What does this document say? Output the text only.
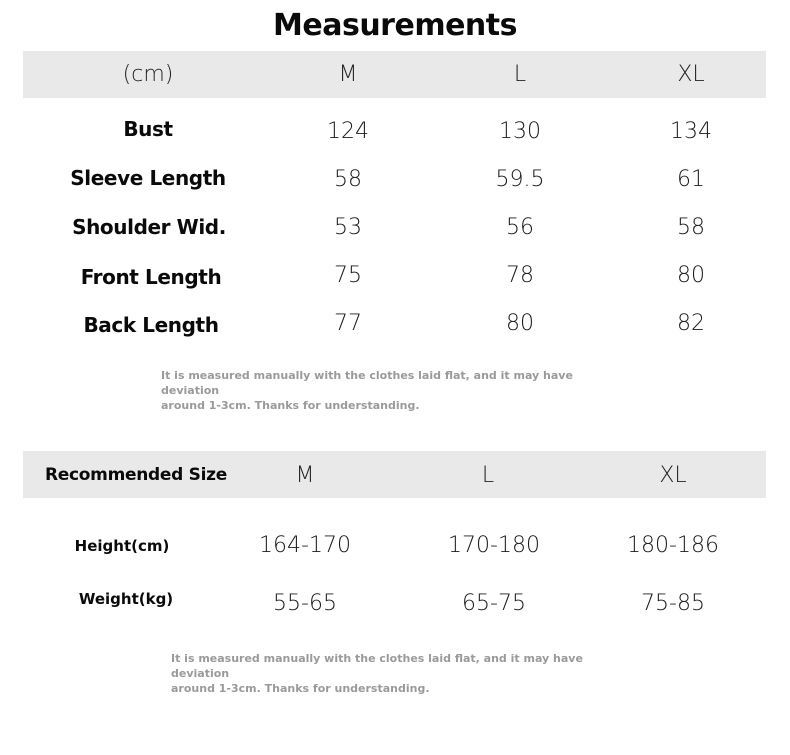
Measurements
(cm)	M	L	XL
Bust	124	130	134
Sleeve Length	58	59.5	61
Shoulder Wid.	53	56	58
Front Length	75	78	80
Back Length	77	80	82
It is measured manually with the clothes laid flat, and it may have deviation
around 1-3cm. Thanks for understanding.
Recommended Size	M	L	XL
Height(cm)	164-170	170-180	180-186
Weight(kg)	55-65	65-75	75-85
It is measured manually with the clothes laid flat, and it may have deviation
around 1-3cm. Thanks for understanding.
